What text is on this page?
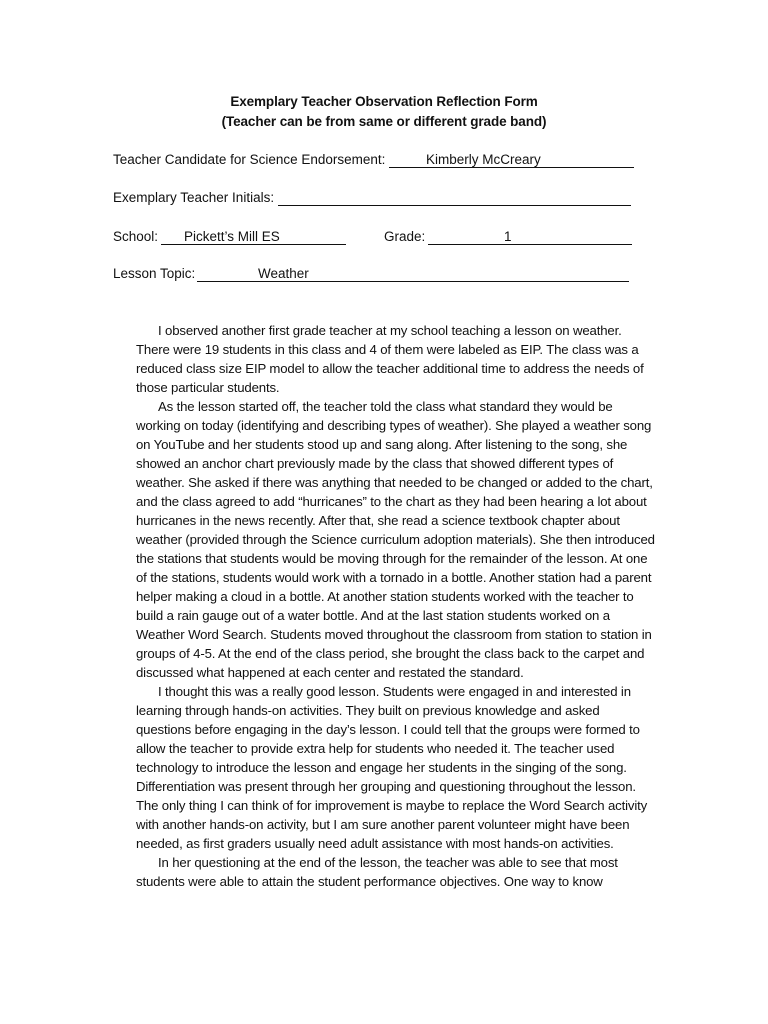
Exemplary Teacher Observation Reflection Form
(Teacher can be from same or different grade band)
Teacher Candidate for Science Endorsement:	Kimberly McCreary
Exemplary Teacher Initials:
School: Pickett’s Mill ES	Grade:	1
Lesson Topic:	Weather

I observed another first grade teacher at my school teaching a lesson on weather. There were 19 students in this class and 4 of them were labeled as EIP. The class was a reduced class size EIP model to allow the teacher additional time to address the needs of those particular students.

As the lesson started off, the teacher told the class what standard they would be working on today (identifying and describing types of weather). She played a weather song on YouTube and her students stood up and sang along. After listening to the song, she showed an anchor chart previously made by the class that showed different types of weather. She asked if there was anything that needed to be changed or added to the chart, and the class agreed to add “hurricanes” to the chart as they had been hearing a lot about hurricanes in the news recently. After that, she read a science textbook chapter about weather (provided through the Science curriculum adoption materials). She then introduced the stations that students would be moving through for the remainder of the lesson. At one of the stations, students would work with a tornado in a bottle. Another station had a parent helper making a cloud in a bottle. At another station students worked with the teacher to build a rain gauge out of a water bottle. And at the last station students worked on a Weather Word Search. Students moved throughout the classroom from station to station in groups of 4-5. At the end of the class period, she brought the class back to the carpet and discussed what happened at each center and restated the standard.

I thought this was a really good lesson. Students were engaged in and interested in learning through hands-on activities. They built on previous knowledge and asked questions before engaging in the day’s lesson. I could tell that the groups were formed to allow the teacher to provide extra help for students who needed it. The teacher used technology to introduce the lesson and engage her students in the singing of the song. Differentiation was present through her grouping and questioning throughout the lesson. The only thing I can think of for improvement is maybe to replace the Word Search activity with another hands-on activity, but I am sure another parent volunteer might have been needed, as first graders usually need adult assistance with most hands-on activities.

In her questioning at the end of the lesson, the teacher was able to see that most students were able to attain the student performance objectives. One way to know
